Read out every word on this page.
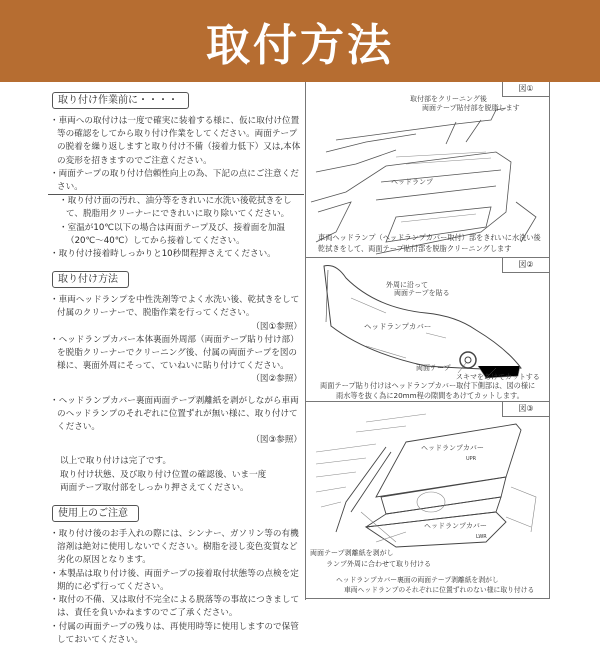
取付方法
取り付け作業前に・・・・

・車両への取付けは一度で確実に装着する様に、仮に取付け位置等の確認をしてから取り付け作業をしてください。両面テープの脱着を繰り返しますと取り付け不備（接着力低下）又は,本体の変形を招きますのでご注意ください。

・両面テープの取り付け信頼性向上の為、下記の点にご注意ください。

・取り付け面の汚れ、油分等をきれいに水洗い後乾拭きをして、脱脂用クリーナーにできれいに取り除いてください。

・室温が10℃以下の場合は両面テープ及び、接着面を加温（20℃～40℃）してから接着してください。

・取り付け接着時しっかりと10秒間程押さえてください。

取り付け方法

・車両ヘッドランプを中性洗剤等でよく水洗い後、乾拭きをして付属のクリーナーで、脱脂作業を行ってください。

（図①参照）

・ヘッドランプカバー本体裏面外周部（両面テープ貼り付け部）を脱脂クリーナーでクリーニング後、付属の両面テープを図の様に、裏面外周にそって、ていねいに貼り付けてください。

（図②参照）

・ヘッドランプカバー裏面両面テープ剥離紙を剥がしながら車両のヘッドランプのそれぞれに位置ずれが無い様に、取り付けてください。

（図③参照）

以上で取り付けは完了です。

取り付け状態、及び取り付け位置の確認後、いま一度

両面テープ取付部をしっかり押さえてください。

使用上のご注意

・取り付け後のお手入れの際には、シンナー、ガソリン等の有機溶剤は絶対に使用しないでください。樹脂を浸し変色変質など劣化の原因となります。

・本製品は取り付け後、両面テープの接着取付状態等の点検を定期的に必ず行ってください。

・取付の不備、又は取付不完全による脱落等の事故につきましては、責任を負いかねますのでご了承ください。

・付属の両面テープの残りは、再使用時等に使用しますので保管しておいてください。

図①
取付部をクリーニング後
両面テープ貼付部を脱脂します
ヘッドランプ
車両ヘッドランプ（ヘッドランプカバー取付）部をきれいに水洗い後
乾拭きをして、両面テープ貼付部を脱脂クリーニングします
図②
外周に沿って
両面テープを貼る
ヘッドランプカバー
両面テープ
スキマをあけてカットする
両面テープ貼り付けはヘッドランプカバー取付下側部は、図の様に
雨水等を抜く為に20mm程の隙間をあけてカットします。
図③
ヘッドランプカバー
UPR
ヘッドランプカバー
LWR
両面テープ剥離紙を剥がし
ランプ外周に合わせて取り付ける
ヘッドランプカバー裏面の両面テープ剥離紙を剥がし
車両ヘッドランプのそれぞれに位置ずれのない様に取り付ける
